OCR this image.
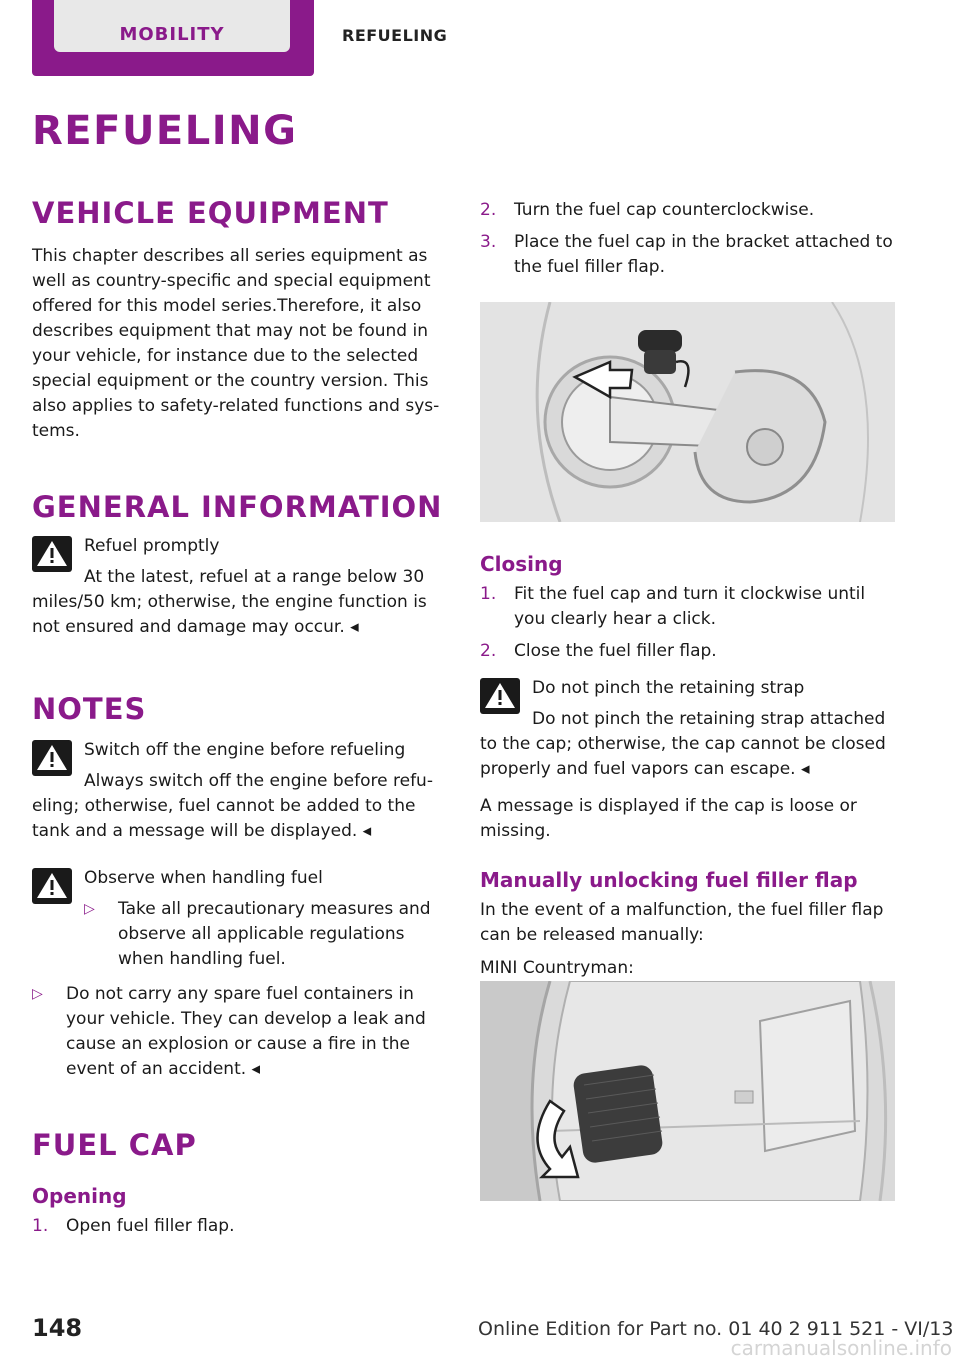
MOBILITY	REFUELING
REFUELING
VEHICLE EQUIPMENT

This chapter describes all series equipment as well as country-specific and special equipment offered for this model series.Therefore, it also describes equipment that may not be found in your vehicle, for instance due to the selected special equipment or the country version. This also applies to safety-related functions and systems.

GENERAL INFORMATION
Refuel promptly
At the latest, refuel at a range below 30 miles/50 km; otherwise, the engine function is not ensured and damage may occur. ◂
NOTES
Switch off the engine before refueling
Always switch off the engine before refueling; otherwise, fuel cannot be added to the tank and a message will be displayed. ◂
Observe when handling fuel
▷ Take all precautionary measures and observe all applicable regulations when handling fuel.
▷ Do not carry any spare fuel containers in your vehicle. They can develop a leak and cause an explosion or cause a fire in the event of an accident. ◂
FUEL CAP
Opening
1. Open fuel filler flap.
2. Turn the fuel cap counterclockwise.
3. Place the fuel cap in the bracket attached to the fuel filler flap.
Closing
1. Fit the fuel cap and turn it clockwise until you clearly hear a click.
2. Close the fuel filler flap.
Do not pinch the retaining strap
Do not pinch the retaining strap attached to the cap; otherwise, the cap cannot be closed properly and fuel vapors can escape. ◂

A message is displayed if the cap is loose or missing.

Manually unlocking fuel filler flap

In the event of a malfunction, the fuel filler flap can be released manually:

MINI Countryman:

148	Online Edition for Part no. 01 40 2 911 521 - VI/13
carmanualsonline.info
